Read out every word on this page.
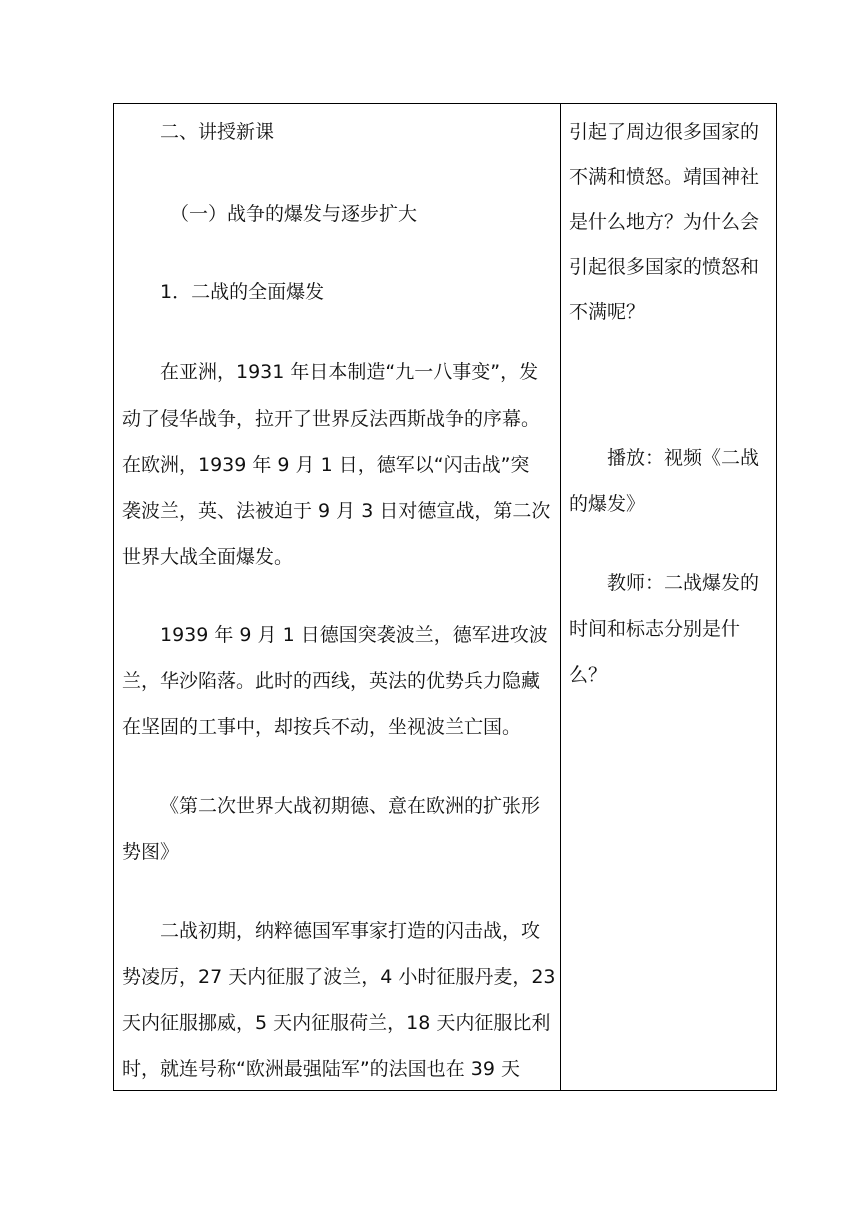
二、讲授新课
（一）战争的爆发与逐步扩大
1．二战的全面爆发
在亚洲，1931 年日本制造“九一八事变”，发
动了侵华战争，拉开了世界反法西斯战争的序幕。
在欧洲，1939 年 9 月 1 日，德军以“闪击战”突
袭波兰，英、法被迫于 9 月 3 日对德宣战，第二次
世界大战全面爆发。
1939 年 9 月 1 日德国突袭波兰，德军进攻波
兰，华沙陷落。此时的西线，英法的优势兵力隐藏
在坚固的工事中，却按兵不动，坐视波兰亡国。
《第二次世界大战初期德、意在欧洲的扩张形
势图》
二战初期，纳粹德国军事家打造的闪击战，攻
势凌厉，27 天内征服了波兰，4 小时征服丹麦，23
天内征服挪威，5 天内征服荷兰，18 天内征服比利
时，就连号称“欧洲最强陆军”的法国也在 39 天
引起了周边很多国家的
不满和愤怒。靖国神社
是什么地方？为什么会
引起很多国家的愤怒和
不满呢？
播放：视频《二战
的爆发》
教师：二战爆发的
时间和标志分别是什
么？
